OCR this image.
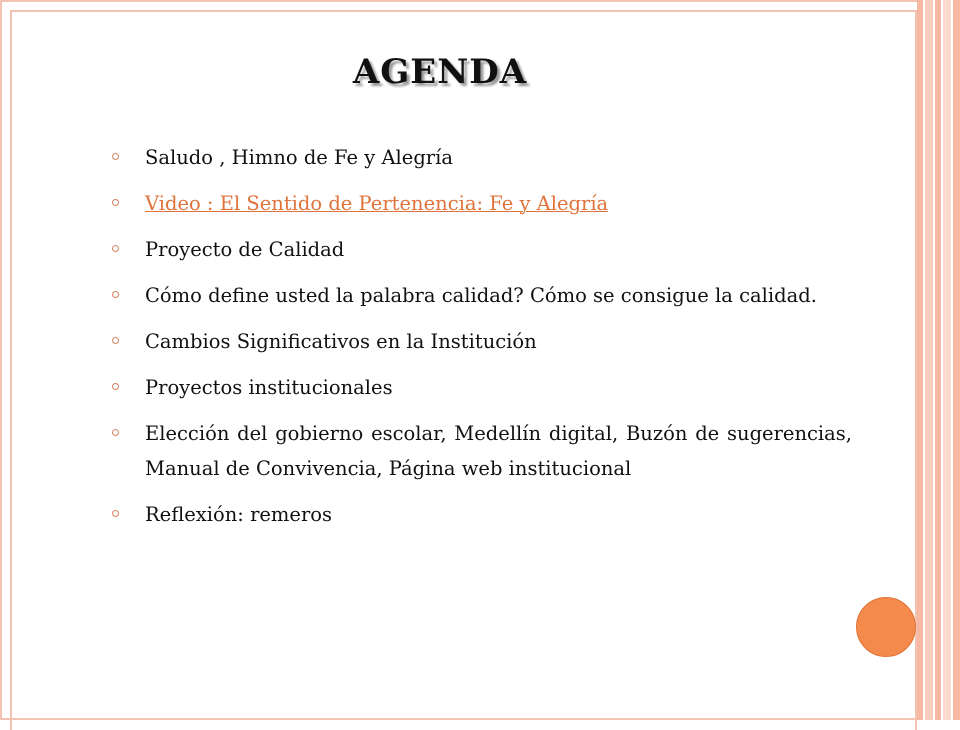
AGENDA
Saludo , Himno de Fe y Alegría
Video : El Sentido de Pertenencia: Fe y Alegría
Proyecto de Calidad
Cómo define usted la palabra calidad? Cómo se consigue la calidad.
Cambios Significativos en la Institución
Proyectos institucionales
Elección del gobierno escolar, Medellín digital, Buzón de sugerencias, Manual de Convivencia, Página web institucional
Reflexión: remeros
